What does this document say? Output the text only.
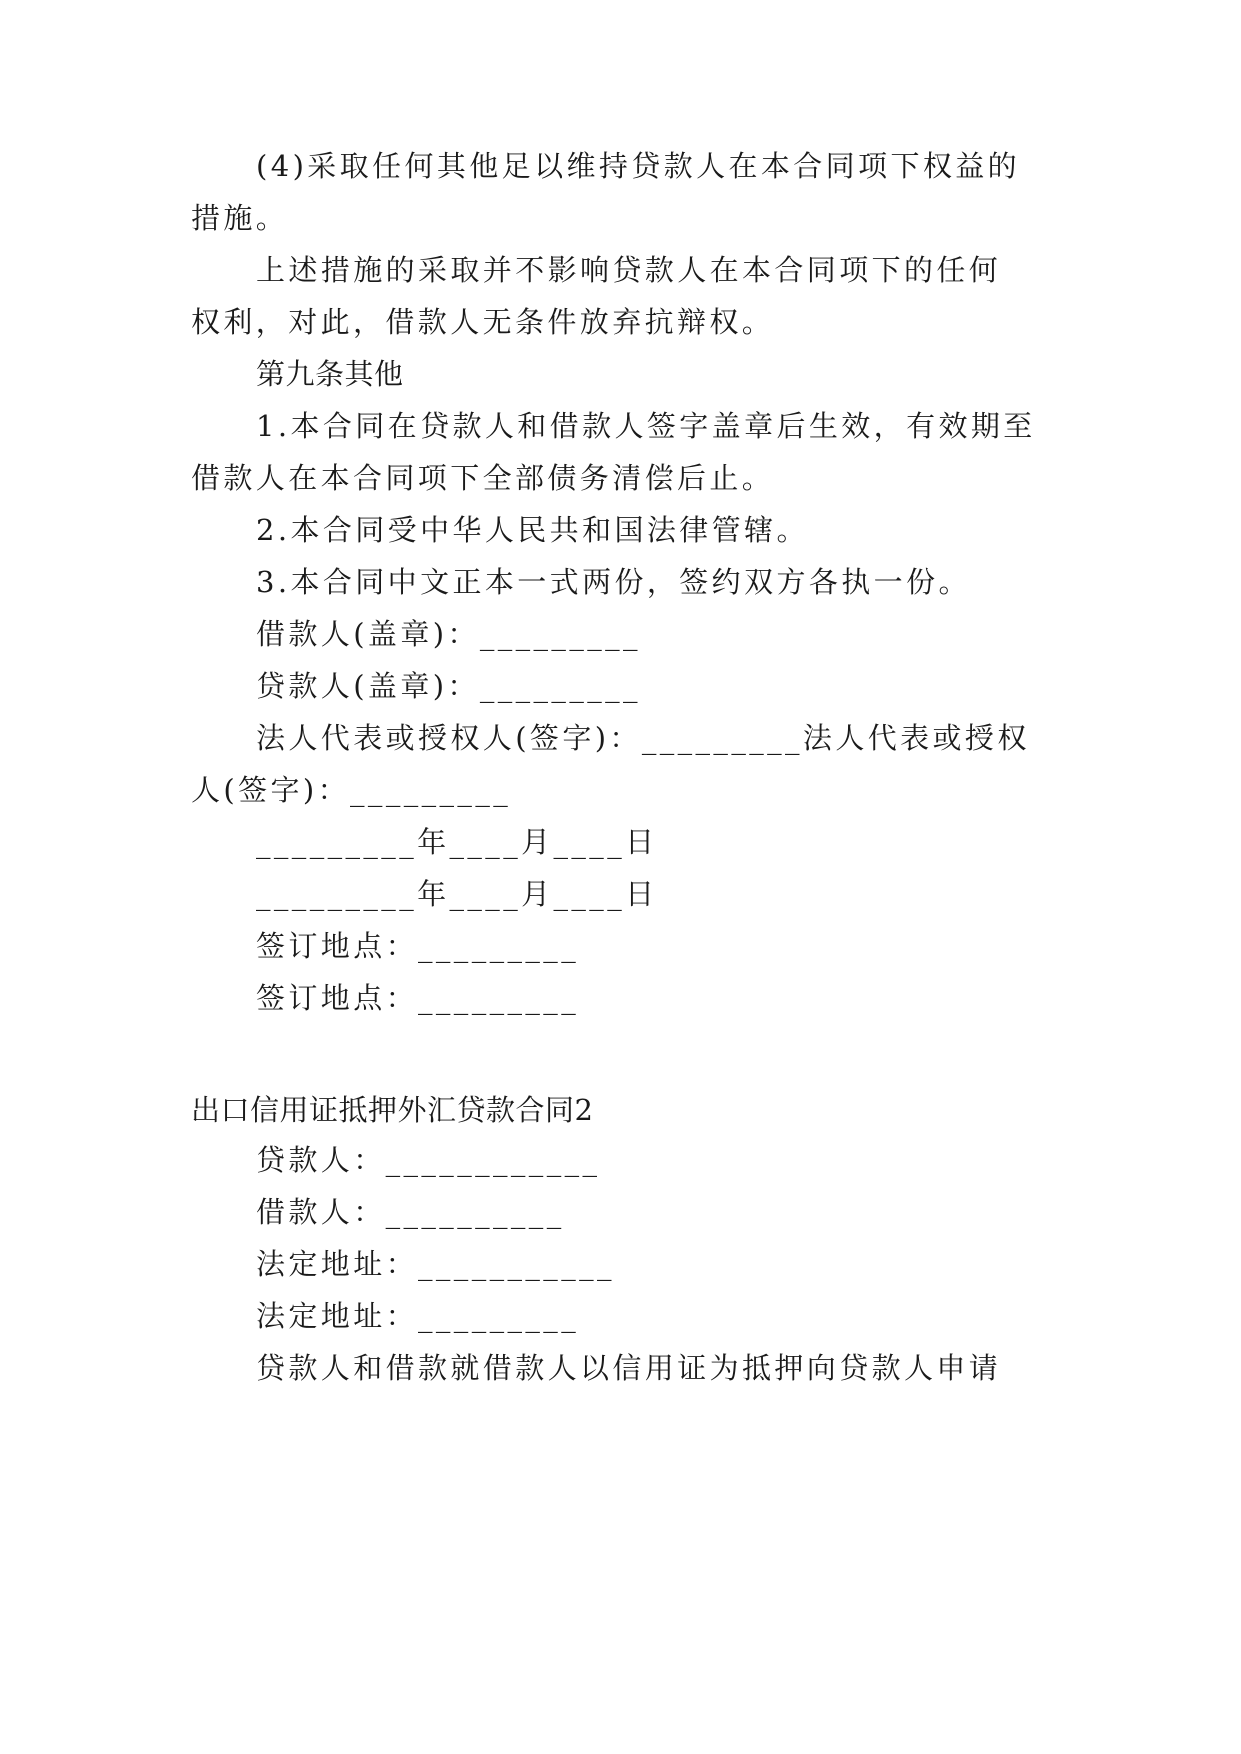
(4)采取任何其他足以维持贷款人在本合同项下权益的
措施。
上述措施的采取并不影响贷款人在本合同项下的任何
权利，对此，借款人无条件放弃抗辩权。
第九条其他
1.本合同在贷款人和借款人签字盖章后生效，有效期至
借款人在本合同项下全部债务清偿后止。
2.本合同受中华人民共和国法律管辖。
3.本合同中文正本一式两份，签约双方各执一份。
借款人(盖章)：_________
贷款人(盖章)：_________
法人代表或授权人(签字)：_________法人代表或授权
人(签字)：_________
_________年____月____日
_________年____月____日
签订地点：_________
签订地点：_________
出口信用证抵押外汇贷款合同2
贷款人：____________
借款人：__________
法定地址：___________
法定地址：_________
贷款人和借款就借款人以信用证为抵押向贷款人申请
